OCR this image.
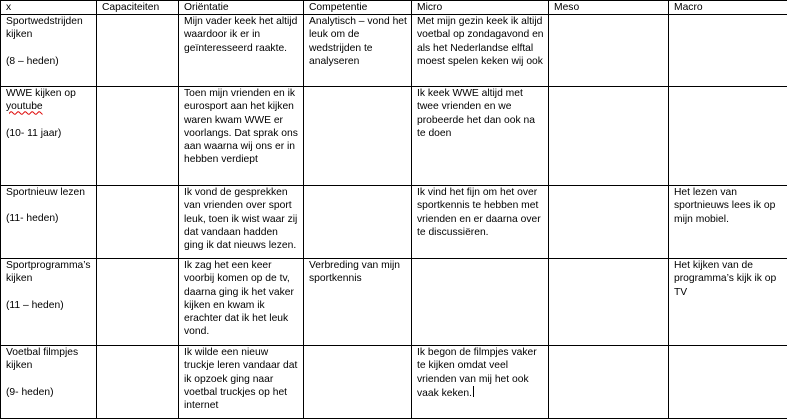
x	Capaciteiten	Oriëntatie	Competentie	Micro	Meso	Macro

Sportwedstrijden kijken
(8 – heden)		Mijn vader keek het altijd waardoor ik er in geïnteresseerd raakte.	Analytisch – vond het leuk om de wedstrijden te analyseren	Met mijn gezin keek ik altijd voetbal op zondagavond en als het Nederlandse elftal moest spelen keken wij ook		

WWE kijken op youtube
(10- 11 jaar)		Toen mijn vrienden en ik eurosport aan het kijken waren kwam WWE er voorlangs. Dat sprak ons aan waarna wij ons er in hebben verdiept		Ik keek WWE altijd met twee vrienden en we probeerde het dan ook na te doen		

Sportnieuw lezen
(11- heden)		Ik vond de gesprekken van vrienden over sport leuk, toen ik wist waar zij dat vandaan hadden ging ik dat nieuws lezen.		Ik vind het fijn om het over sportkennis te hebben met vrienden en er daarna over te discussiëren.		Het lezen van sportnieuws lees ik op mijn mobiel.

Sportprogramma’s kijken
(11 – heden)		Ik zag het een keer voorbij komen op de tv, daarna ging ik het vaker kijken en kwam ik erachter dat ik het leuk vond.	Verbreding van mijn sportkennis			Het kijken van de programma’s kijk ik op TV

Voetbal filmpjes kijken
(9- heden)		Ik wilde een nieuw truckje leren vandaar dat ik opzoek ging naar voetbal truckjes op het internet		Ik begon de filmpjes vaker te kijken omdat veel vrienden van mij het ook vaak keken.		
